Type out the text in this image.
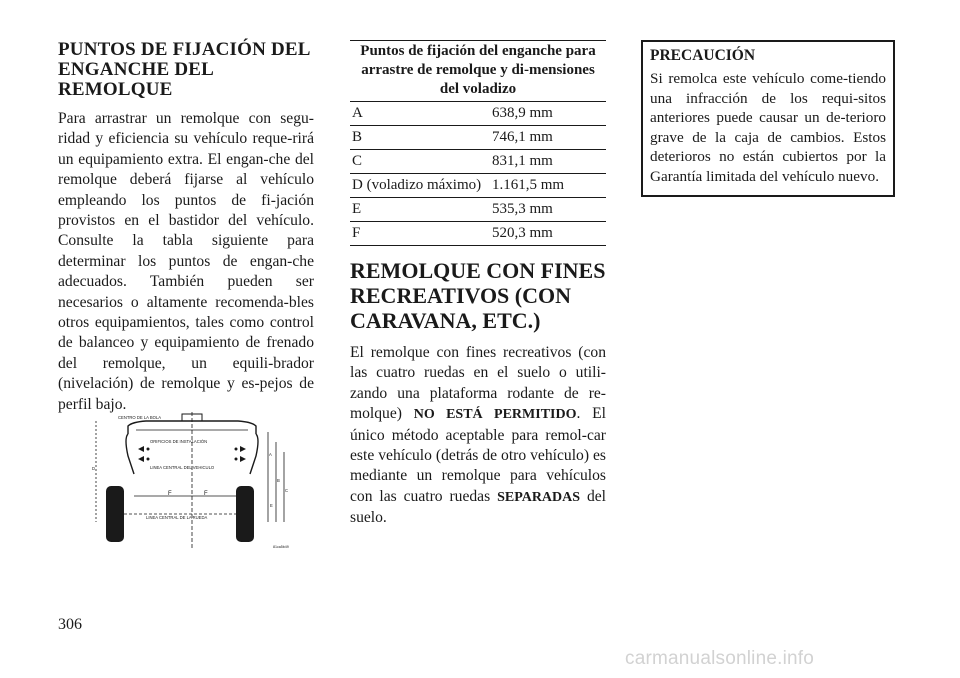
PUNTOS DE FIJACIÓN DEL
ENGANCHE DEL
REMOLQUE

Para arrastrar un remolque con segu-ridad y eficiencia su vehículo reque-rirá un equipamiento extra. El engan-che del remolque deberá fijarse al vehículo empleando los puntos de fi-jación provistos en el bastidor del vehículo. Consulte la tabla siguiente para determinar los puntos de engan-che adecuados. También pueden ser necesarios o altamente recomenda-bles otros equipamientos, tales como control de balanceo y equipamiento de frenado del remolque, un equili-brador (nivelación) de remolque y es-pejos de perfil bajo.

CENTRO DE LA BOLA
ORIFICIOS DE INSTALACIÓN
LINEA CENTRAL DEL VEHICULO
LINEA CENTRAL DE LA RUEDA
D
A
B
C
E
F	F
81ca5b49
Puntos de fijación del enganche para arrastre de remolque y di-mensiones del voladizo	
A	638,9 mm
B	746,1 mm
C	831,1 mm
D (voladizo máximo)	1.161,5 mm
E	535,3 mm
F	520,3 mm
REMOLQUE CON FINES
RECREATIVOS (CON
CARAVANA, ETC.)

El remolque con fines recreativos (con las cuatro ruedas en el suelo o utili-zando una plataforma rodante de re-molque) NO ESTÁ PERMITIDO. El único método aceptable para remol-car este vehículo (detrás de otro vehículo) es mediante un remolque para vehículos con las cuatro ruedas SEPARADAS del suelo.

PRECAUCIÓN

Si remolca este vehículo come-tiendo una infracción de los requi-sitos anteriores puede causar un de-terioro grave de la caja de cambios. Estos deterioros no están cubiertos por la Garantía limitada del vehículo nuevo.

306
carmanualsonline.info
